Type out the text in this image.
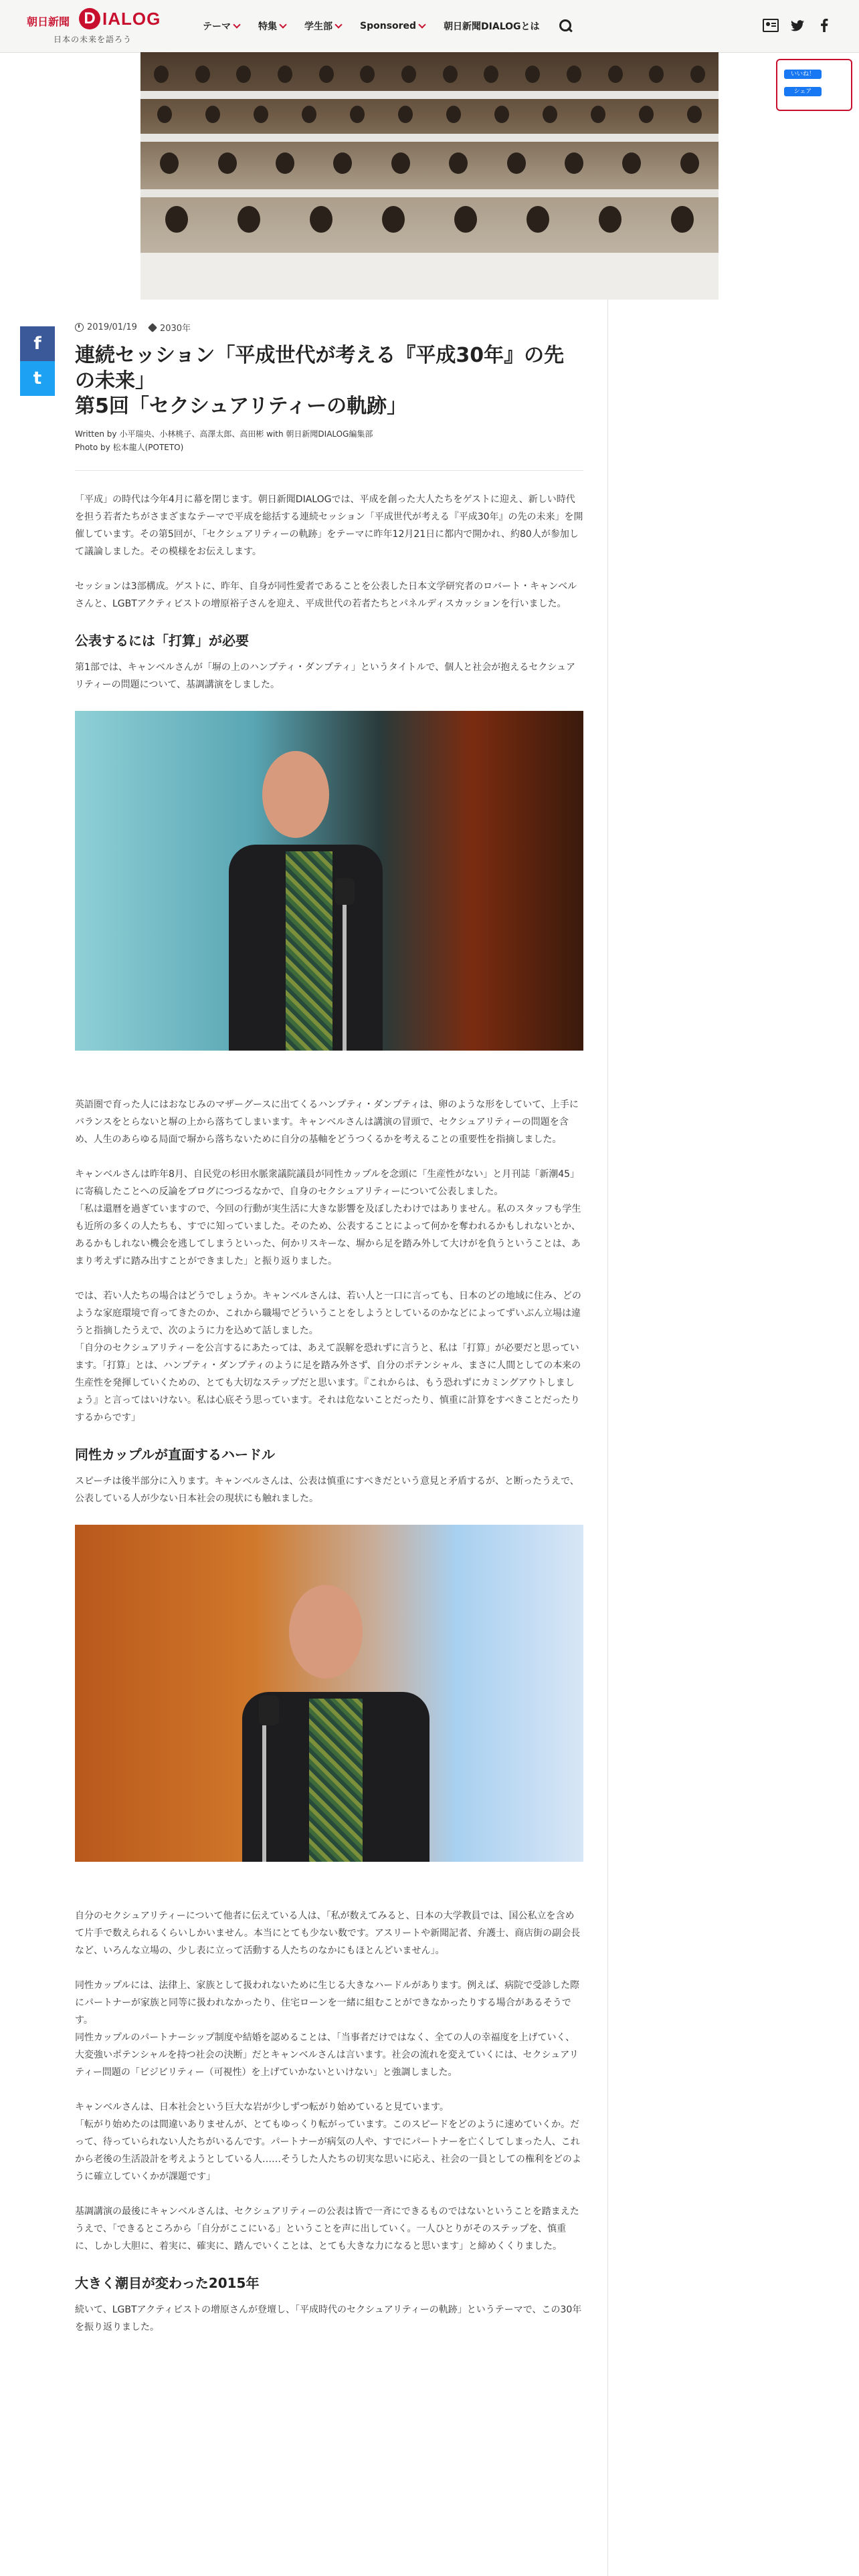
朝日新聞 D IALOG
日本の未来を語ろう
テーマ	特集	学生部	Sponsored	朝日新聞DIALOGとは
いいね！
シェア
f
t
2019/01/19	2030年
連続セッション「平成世代が考える『平成30年』の先の未来」
第5回「セクシュアリティーの軌跡」
Written by 小平瑞央、小林桃子、高澤太郎、高田彬 with 朝日新聞DIALOG編集部
Photo by 松本龍人(POTETO)

「平成」の時代は今年4月に幕を閉じます。朝日新聞DIALOGでは、平成を創った大人たちをゲストに迎え、新しい時代を担う若者たちがさまざまなテーマで平成を総括する連続セッション「平成世代が考える『平成30年』の先の未来」を開催しています。その第5回が、「セクシュアリティーの軌跡」をテーマに昨年12月21日に都内で開かれ、約80人が参加して議論しました。その模様をお伝えします。

セッションは3部構成。ゲストに、昨年、自身が同性愛者であることを公表した日本文学研究者のロバート・キャンベルさんと、LGBTアクティビストの增原裕子さんを迎え、平成世代の若者たちとパネルディスカッションを行いました。

公表するには「打算」が必要

第1部では、キャンベルさんが「塀の上のハンプティ・ダンプティ」というタイトルで、個人と社会が抱えるセクシュアリティーの問題について、基調講演をしました。

英語圏で育った人にはおなじみのマザーグースに出てくるハンプティ・ダンプティは、卵のような形をしていて、上手にバランスをとらないと塀の上から落ちてしまいます。キャンベルさんは講演の冒頭で、セクシュアリティーの問題を含め、人生のあらゆる局面で塀から落ちないために自分の基軸をどうつくるかを考えることの重要性を指摘しました。

キャンベルさんは昨年8月、自民党の杉田水脈衆議院議員が同性カップルを念頭に「生産性がない」と月刊誌「新潮45」に寄稿したことへの反論をブログにつづるなかで、自身のセクシュアリティーについて公表しました。
「私は還暦を過ぎていますので、今回の行動が実生活に大きな影響を及ぼしたわけではありません。私のスタッフも学生も近所の多くの人たちも、すでに知っていました。そのため、公表することによって何かを奪われるかもしれないとか、あるかもしれない機会を逃してしまうといった、何かリスキーな、塀から足を踏み外して大けがを負うということは、あまり考えずに踏み出すことができました」と振り返りました。

では、若い人たちの場合はどうでしょうか。キャンベルさんは、若い人と一口に言っても、日本のどの地域に住み、どのような家庭環境で育ってきたのか、これから職場でどういうことをしようとしているのかなどによってずいぶん立場は違うと指摘したうえで、次のように力を込めて話しました。
「自分のセクシュアリティーを公言するにあたっては、あえて誤解を恐れずに言うと、私は「打算」が必要だと思っています。「打算」とは、ハンプティ・ダンプティのように足を踏み外さず、自分のポテンシャル、まさに人間としての本来の生産性を発揮していくための、とても大切なステップだと思います。『これからは、もう恐れずにカミングアウトしましょう』と言ってはいけない。私は心底そう思っています。それは危ないことだったり、慎重に計算をすべきことだったりするからです」

同性カップルが直面するハードル

スピーチは後半部分に入ります。キャンベルさんは、公表は慎重にすべきだという意見と矛盾するが、と断ったうえで、公表している人が少ない日本社会の現状にも触れました。

自分のセクシュアリティーについて他者に伝えている人は、「私が数えてみると、日本の大学教員では、国公私立を含めて片手で数えられるくらいしかいません。本当にとても少ない数です。アスリートや新聞記者、弁護士、商店街の副会長など、いろんな立場の、少し表に立って活動する人たちのなかにもほとんどいません」。

同性カップルには、法律上、家族として扱われないために生じる大きなハードルがあります。例えば、病院で受診した際にパートナーが家族と同等に扱われなかったり、住宅ローンを一緒に組むことができなかったりする場合があるそうです。
同性カップルのパートナーシップ制度や結婚を認めることは、「当事者だけではなく、全ての人の幸福度を上げていく、大変強いポテンシャルを持つ社会の決断」だとキャンベルさんは言います。社会の流れを変えていくには、セクシュアリティー問題の「ビジビリティー（可視性）を上げていかないといけない」と強調しました。

キャンベルさんは、日本社会という巨大な岩が少しずつ転がり始めていると見ています。
「転がり始めたのは間違いありませんが、とてもゆっくり転がっています。このスピードをどのように速めていくか。だって、待っていられない人たちがいるんです。パートナーが病気の人や、すでにパートナーを亡くしてしまった人、これから老後の生活設計を考えようとしている人……そうした人たちの切実な思いに応え、社会の一員としての権利をどのように確立していくかが課題です」

基調講演の最後にキャンベルさんは、セクシュアリティーの公表は皆で一斉にできるものではないということを踏まえたうえで、「できるところから「自分がここにいる」ということを声に出していく。一人ひとりがそのステップを、慎重に、しかし大胆に、着実に、確実に、踏んでいくことは、とても大きな力になると思います」と締めくくりました。

大きく潮目が変わった2015年

続いて、LGBTアクティビストの增原さんが登壇し、「平成時代のセクシュアリティーの軌跡」というテーマで、この30年を振り返りました。
